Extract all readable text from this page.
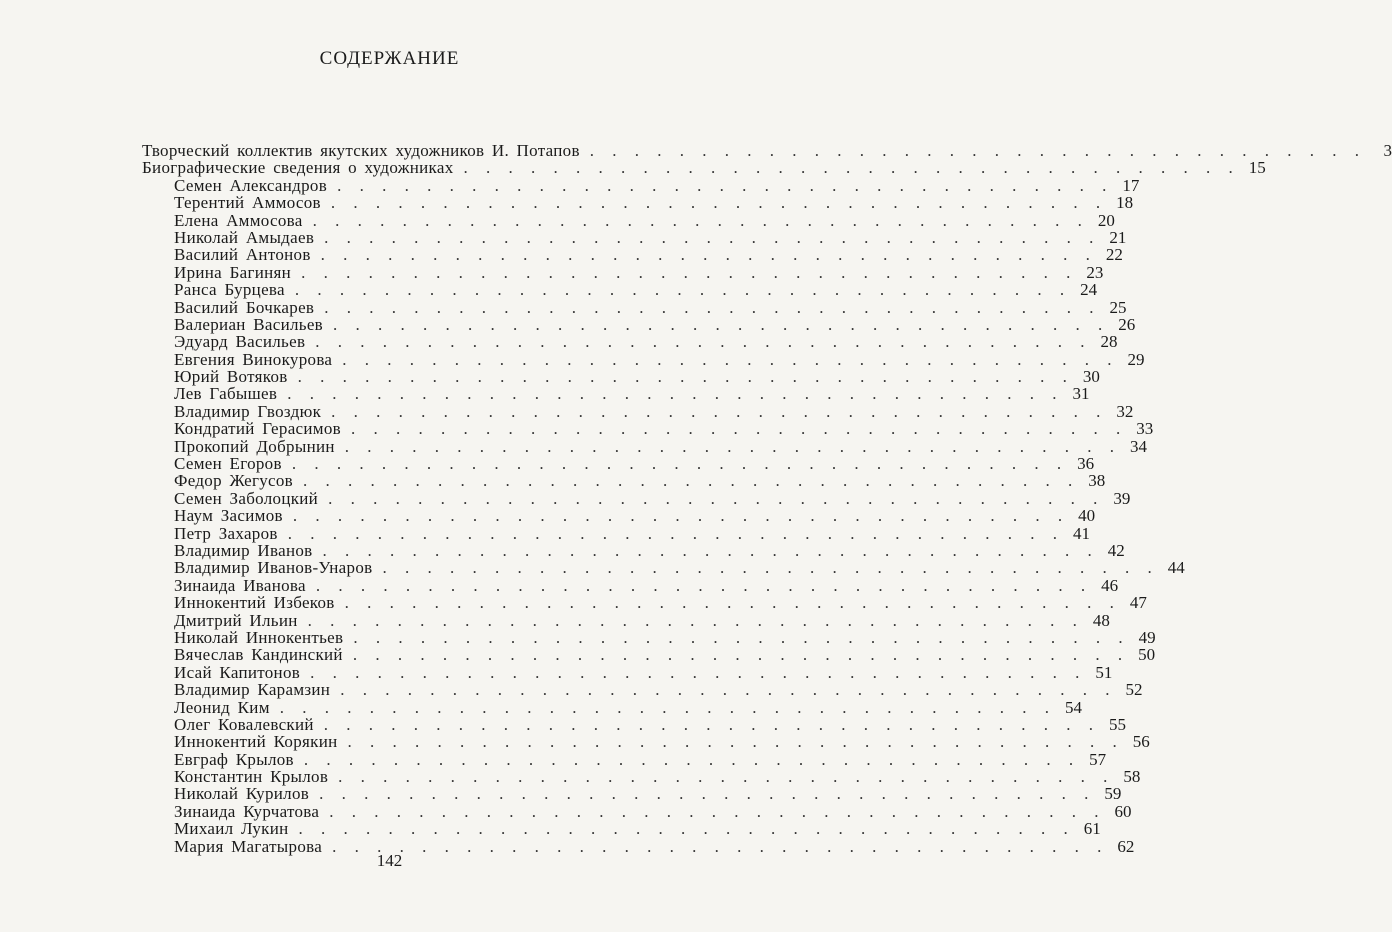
СОДЕРЖАНИЕ
Творческий коллектив якутских художников И. Потапов . . . . . . . . . . . . . . . . . . . . . . . . . . . . . . . . . . .	3
Биографические сведения о художниках . . . . . . . . . . . . . . . . . . . . . . . . . . . . . . . . . . . 15
Семен Александров . . . . . . . . . . . . . . . . . . . . . . . . . . . . . . . . . . . 17
Терентий Аммосов . . . . . . . . . . . . . . . . . . . . . . . . . . . . . . . . . . . 18
Елена Аммосова . . . . . . . . . . . . . . . . . . . . . . . . . . . . . . . . . . . 20
Николай Амыдаев . . . . . . . . . . . . . . . . . . . . . . . . . . . . . . . . . . . 21
Василий Антонов . . . . . . . . . . . . . . . . . . . . . . . . . . . . . . . . . . . 22
Ирина Багинян . . . . . . . . . . . . . . . . . . . . . . . . . . . . . . . . . . . 23
Ранса Бурцева . . . . . . . . . . . . . . . . . . . . . . . . . . . . . . . . . . . 24
Василий Бочкарев . . . . . . . . . . . . . . . . . . . . . . . . . . . . . . . . . . . 25
Валериан Васильев . . . . . . . . . . . . . . . . . . . . . . . . . . . . . . . . . . . 26
Эдуард Васильев . . . . . . . . . . . . . . . . . . . . . . . . . . . . . . . . . . . 28
Евгения Винокурова . . . . . . . . . . . . . . . . . . . . . . . . . . . . . . . . . . . 29
Юрий Вотяков . . . . . . . . . . . . . . . . . . . . . . . . . . . . . . . . . . . 30
Лев Габышев . . . . . . . . . . . . . . . . . . . . . . . . . . . . . . . . . . . 31
Владимир Гвоздюк . . . . . . . . . . . . . . . . . . . . . . . . . . . . . . . . . . . 32
Кондратий Герасимов . . . . . . . . . . . . . . . . . . . . . . . . . . . . . . . . . . . 33
Прокопий Добрынин . . . . . . . . . . . . . . . . . . . . . . . . . . . . . . . . . . . 34
Семен Егоров . . . . . . . . . . . . . . . . . . . . . . . . . . . . . . . . . . . 36
Федор Жегусов . . . . . . . . . . . . . . . . . . . . . . . . . . . . . . . . . . . 38
Семен Заболоцкий . . . . . . . . . . . . . . . . . . . . . . . . . . . . . . . . . . . 39
Наум Засимов . . . . . . . . . . . . . . . . . . . . . . . . . . . . . . . . . . . 40
Петр Захаров . . . . . . . . . . . . . . . . . . . . . . . . . . . . . . . . . . . 41
Владимир Иванов . . . . . . . . . . . . . . . . . . . . . . . . . . . . . . . . . . . 42
Владимир Иванов-Унаров . . . . . . . . . . . . . . . . . . . . . . . . . . . . . . . . . . . 44
Зинаида Иванова . . . . . . . . . . . . . . . . . . . . . . . . . . . . . . . . . . . 46
Иннокентий Избеков . . . . . . . . . . . . . . . . . . . . . . . . . . . . . . . . . . . 47
Дмитрий Ильин . . . . . . . . . . . . . . . . . . . . . . . . . . . . . . . . . . . 48
Николай Иннокентьев . . . . . . . . . . . . . . . . . . . . . . . . . . . . . . . . . . . 49
Вячеслав Кандинский . . . . . . . . . . . . . . . . . . . . . . . . . . . . . . . . . . . 50
Исай Капитонов . . . . . . . . . . . . . . . . . . . . . . . . . . . . . . . . . . . 51
Владимир Карамзин . . . . . . . . . . . . . . . . . . . . . . . . . . . . . . . . . . . 52
Леонид Ким . . . . . . . . . . . . . . . . . . . . . . . . . . . . . . . . . . . 54
Олег Ковалевский . . . . . . . . . . . . . . . . . . . . . . . . . . . . . . . . . . . 55
Иннокентий Корякин . . . . . . . . . . . . . . . . . . . . . . . . . . . . . . . . . . . 56
Евграф Крылов . . . . . . . . . . . . . . . . . . . . . . . . . . . . . . . . . . . 57
Константин Крылов . . . . . . . . . . . . . . . . . . . . . . . . . . . . . . . . . . . 58
Николай Курилов . . . . . . . . . . . . . . . . . . . . . . . . . . . . . . . . . . . 59
Зинаида Курчатова . . . . . . . . . . . . . . . . . . . . . . . . . . . . . . . . . . . 60
Михаил Лукин . . . . . . . . . . . . . . . . . . . . . . . . . . . . . . . . . . . 61
Мария Магатырова . . . . . . . . . . . . . . . . . . . . . . . . . . . . . . . . . . . 62
142
